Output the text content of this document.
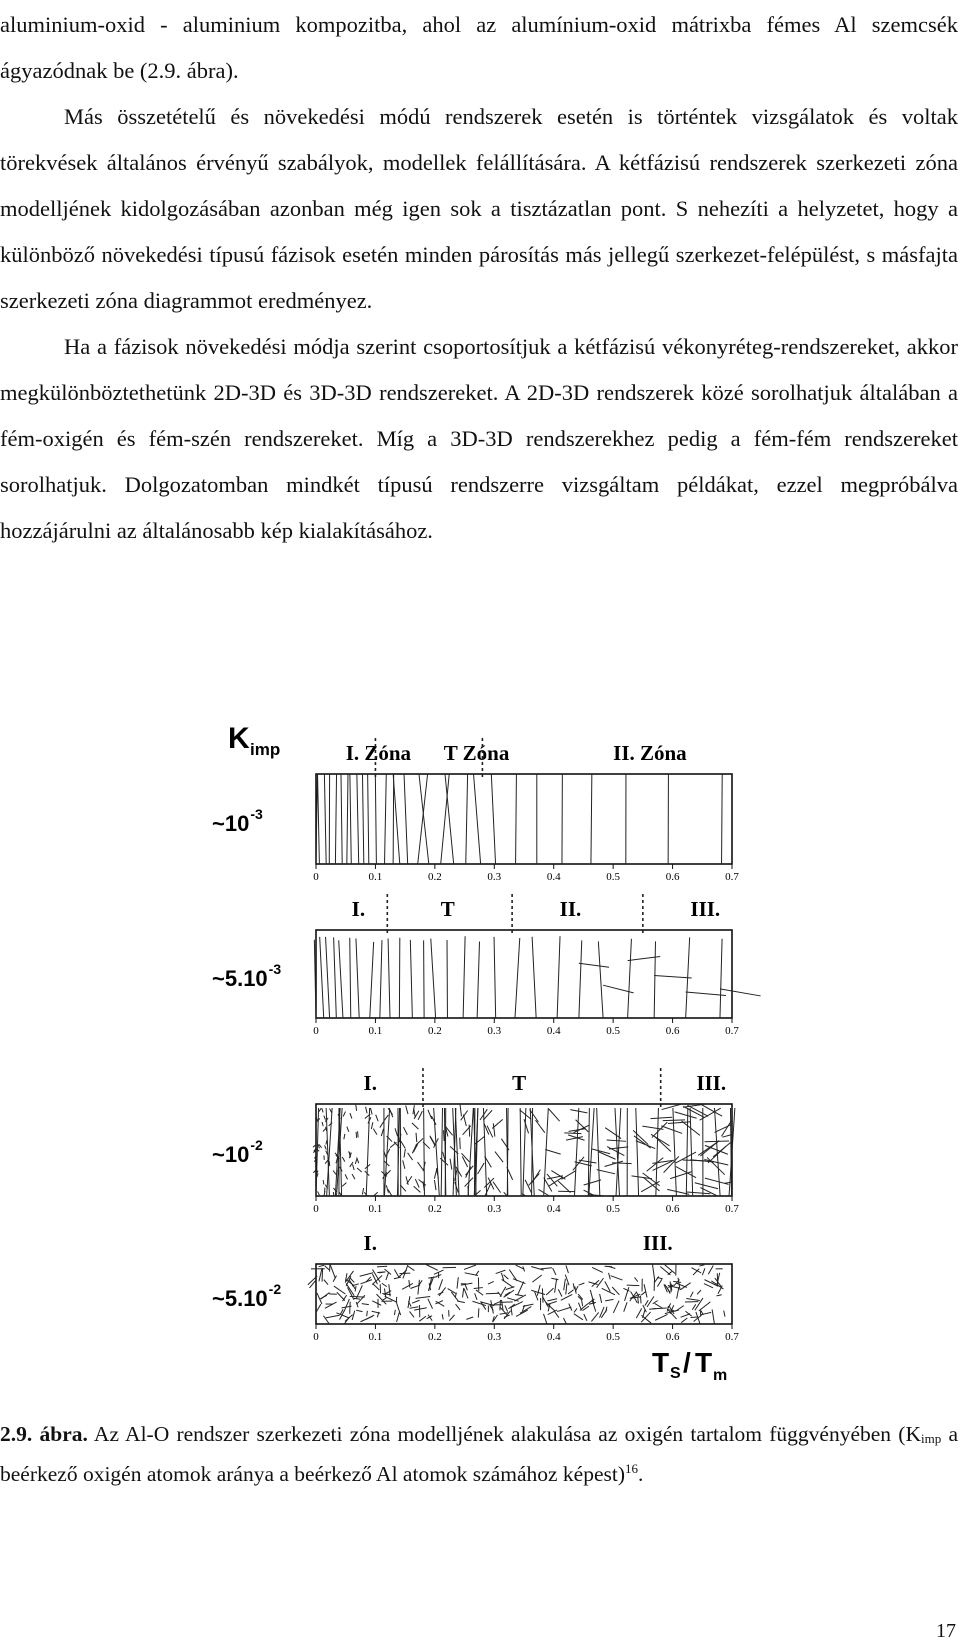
aluminium-oxid - aluminium kompozitba, ahol az alumínium-oxid mátrixba fémes Al szemcsék ágyazódnak be (2.9. ábra).

Más összetételű és növekedési módú rendszerek esetén is történtek vizsgálatok és voltak törekvések általános érvényű szabályok, modellek felállítására. A kétfázisú rendszerek szerkezeti zóna modelljének kidolgozásában azonban még igen sok a tisztázatlan pont. S nehezíti a helyzetet, hogy a különböző növekedési típusú fázisok esetén minden párosítás más jellegű szerkezet-felépülést, s másfajta szerkezeti zóna diagrammot eredményez.

Ha a fázisok növekedési módja szerint csoportosítjuk a kétfázisú vékonyréteg-rendszereket, akkor megkülönböztethetünk 2D-3D és 3D-3D rendszereket. A 2D-3D rendszerek közé sorolhatjuk általában a fém-oxigén és fém-szén rendszereket. Míg a 3D-3D rendszerekhez pedig a fém-fém rendszereket sorolhatjuk. Dolgozatomban mindkét típusú rendszerre vizsgáltam példákat, ezzel megpróbálva hozzájárulni az általánosabb kép kialakításához.

K imp	I. Zóna T Zóna	II. Zóna
~10 -3
0	0.1	0.2	0.3	0.4	0.5	0.6	0.7
I.	T	II.	III.
~5.10 -3
0	0.1	0.2	0.3	0.4	0.5	0.6	0.7
I.	T	III.
~10 -2
0	0.1	0.2	0.3	0.4	0.5	0.6	0.7
I.	III.
~5.10 -2
0	0.1	0.2	0.3	0.4	0.5	0.6	0.7
T S / T m
2.9. ábra. Az Al-O rendszer szerkezeti zóna modelljének alakulása az oxigén tartalom függvényében ($K_{imp}$ a beérkező oxigén atomok aránya a beérkező Al atomok számához képest)$^{16}$.
17
